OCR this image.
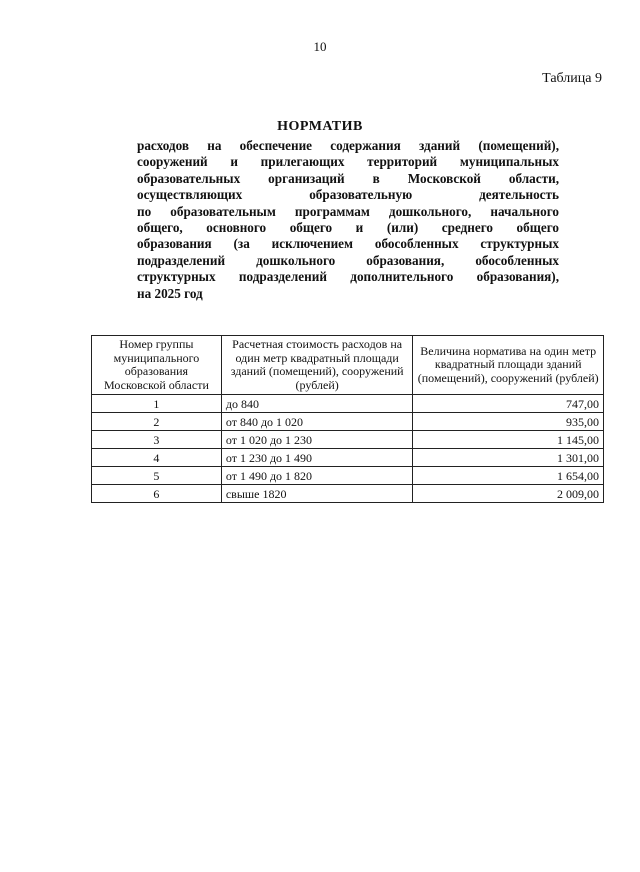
10
Таблица 9
НОРМАТИВ
расходов на обеспечение содержания зданий (помещений),
сооружений и прилегающих территорий муниципальных
образовательных организаций в Московской области,
осуществляющих образовательную деятельность
по образовательным программам дошкольного, начального
общего, основного общего и (или) среднего общего
образования (за исключением обособленных структурных
подразделений дошкольного образования, обособленных
структурных подразделений дополнительного образования),
на 2025 год
Номер группы муниципального образования Московской области	Расчетная стоимость расходов на один метр квадратный площади зданий (помещений), сооружений (рублей)	Величина норматива на один метр квадратный площади зданий (помещений), сооружений (рублей)
1	до 840	747,00
2	от 840 до 1 020	935,00
3	от 1 020 до 1 230	1 145,00
4	от 1 230 до 1 490	1 301,00
5	от 1 490 до 1 820	1 654,00
6	свыше 1820	2 009,00
